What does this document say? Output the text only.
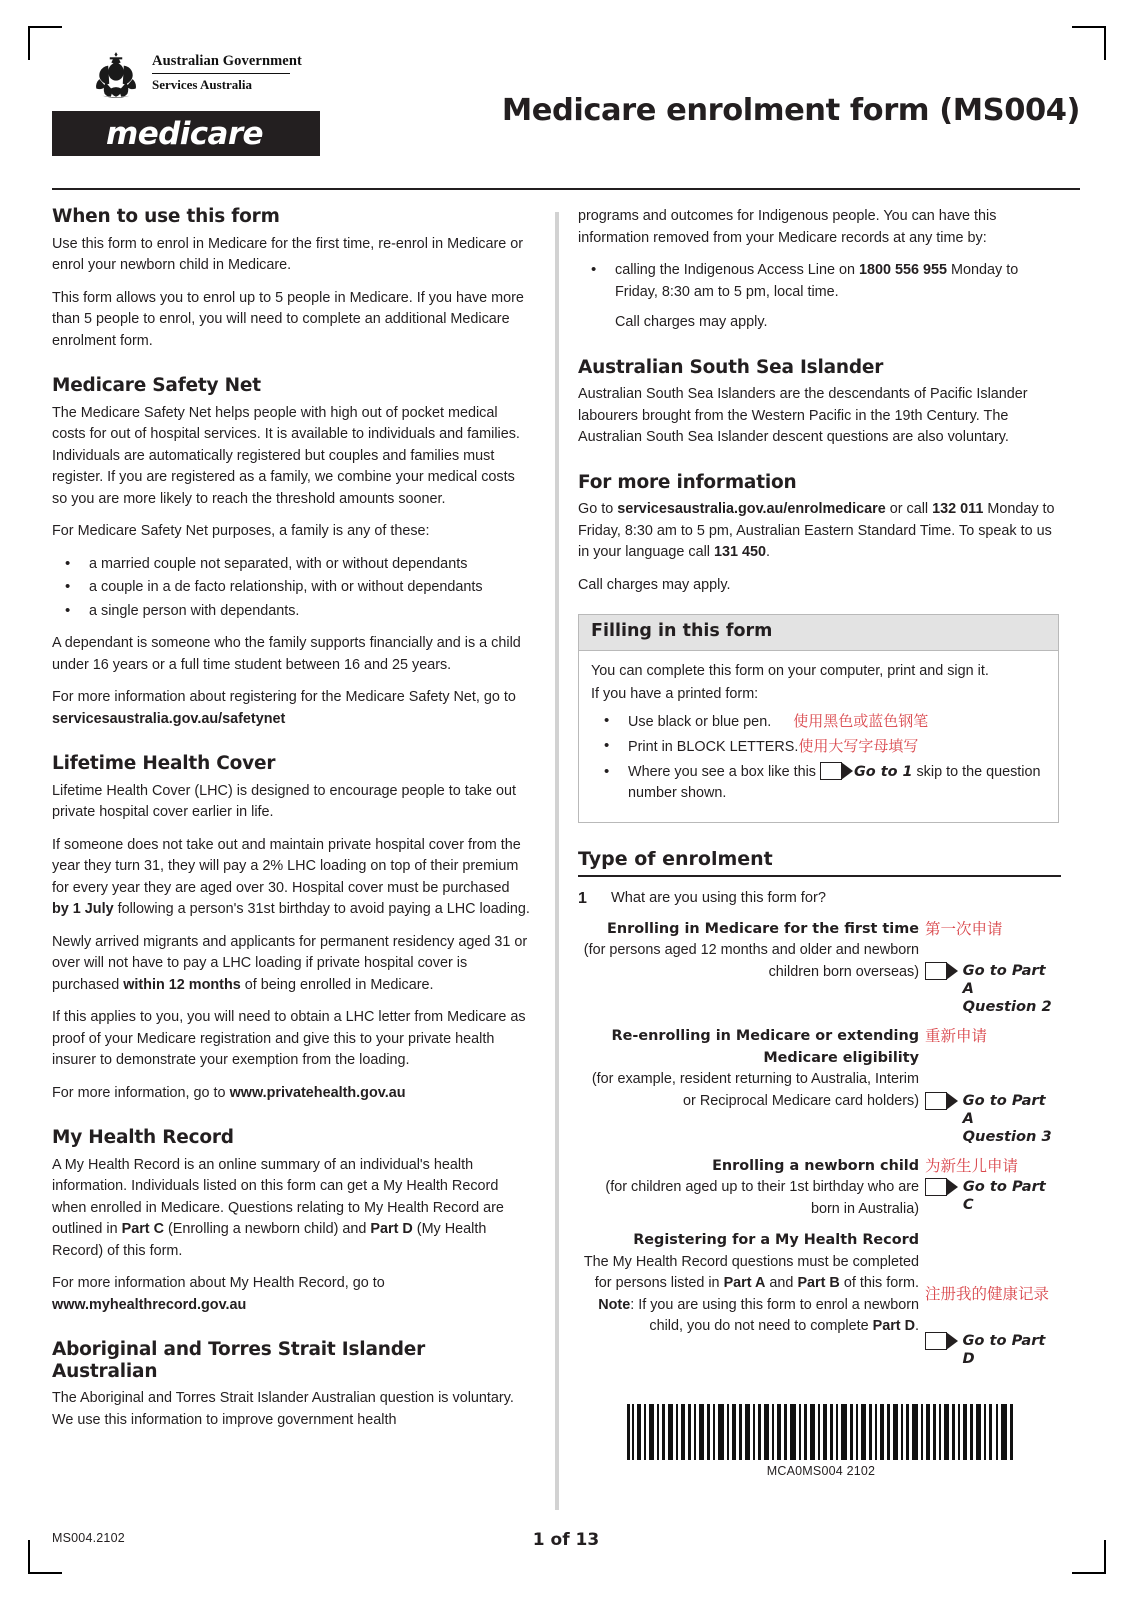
Australian Government
Services Australia
medicare
Medicare enrolment form (MS004)
When to use this form

Use this form to enrol in Medicare for the first time, re-enrol in Medicare or enrol your newborn child in Medicare.

This form allows you to enrol up to 5 people in Medicare. If you have more than 5 people to enrol, you will need to complete an additional Medicare enrolment form.

Medicare Safety Net

The Medicare Safety Net helps people with high out of pocket medical costs for out of hospital services. It is available to individuals and families. Individuals are automatically registered but couples and families must register. If you are registered as a family, we combine your medical costs so you are more likely to reach the threshold amounts sooner.

For Medicare Safety Net purposes, a family is any of these:

• a married couple not separated, with or without dependants
• a couple in a de facto relationship, with or without dependants
• a single person with dependants.

A dependant is someone who the family supports financially and is a child under 16 years or a full time student between 16 and 25 years.

For more information about registering for the Medicare Safety Net, go to servicesaustralia.gov.au/safetynet

Lifetime Health Cover

Lifetime Health Cover (LHC) is designed to encourage people to take out private hospital cover earlier in life.

If someone does not take out and maintain private hospital cover from the year they turn 31, they will pay a 2% LHC loading on top of their premium for every year they are aged over 30. Hospital cover must be purchased by 1 July following a person's 31st birthday to avoid paying a LHC loading.

Newly arrived migrants and applicants for permanent residency aged 31 or over will not have to pay a LHC loading if private hospital cover is purchased within 12 months of being enrolled in Medicare.

If this applies to you, you will need to obtain a LHC letter from Medicare as proof of your Medicare registration and give this to your private health insurer to demonstrate your exemption from the loading.

For more information, go to www.privatehealth.gov.au

My Health Record

A My Health Record is an online summary of an individual's health information. Individuals listed on this form can get a My Health Record when enrolled in Medicare. Questions relating to My Health Record are outlined in Part C (Enrolling a newborn child) and Part D (My Health Record) of this form.

For more information about My Health Record, go to
www.myhealthrecord.gov.au

Aboriginal and Torres Strait Islander Australian

The Aboriginal and Torres Strait Islander Australian question is voluntary. We use this information to improve government health

programs and outcomes for Indigenous people. You can have this information removed from your Medicare records at any time by:

• calling the Indigenous Access Line on 1800 556 955 Monday to Friday, 8:30 am to 5 pm, local time.
Call charges may apply.
Australian South Sea Islander

Australian South Sea Islanders are the descendants of Pacific Islander labourers brought from the Western Pacific in the 19th Century. The Australian South Sea Islander descent questions are also voluntary.

For more information

Go to servicesaustralia.gov.au/enrolmedicare or call 132 011 Monday to Friday, 8:30 am to 5 pm, Australian Eastern Standard Time. To speak to us in your language call 131 450.

Call charges may apply.

Filling in this form

You can complete this form on your computer, print and sign it.

If you have a printed form:

• Use black or blue pen. 使用黑色或蓝色钢笔
• Print in BLOCK LETTERS.使用大写字母填写
• Where you see a box like this
Go to 1 skip to the question number shown.
Type of enrolment
1	What are you using this form for?
Enrolling in Medicare for the first time
(for persons aged 12 months and older and newborn children born overseas)
第一次申请
Go to Part A
Question 2
Re-enrolling in Medicare or extending Medicare eligibility
(for example, resident returning to Australia, Interim or Reciprocal Medicare card holders)
重新申请
Go to Part A
Question 3
Enrolling a newborn child
(for children aged up to their 1st birthday who are born in Australia)
为新生儿申请
Go to Part C
Registering for a My Health Record
The My Health Record questions must be completed for persons listed in Part A and Part B of this form. Note: If you are using this form to enrol a newborn child, you do not need to complete Part D.
注册我的健康记录
Go to Part D
MCA0MS004 2102
MS004.2102	1 of 13
